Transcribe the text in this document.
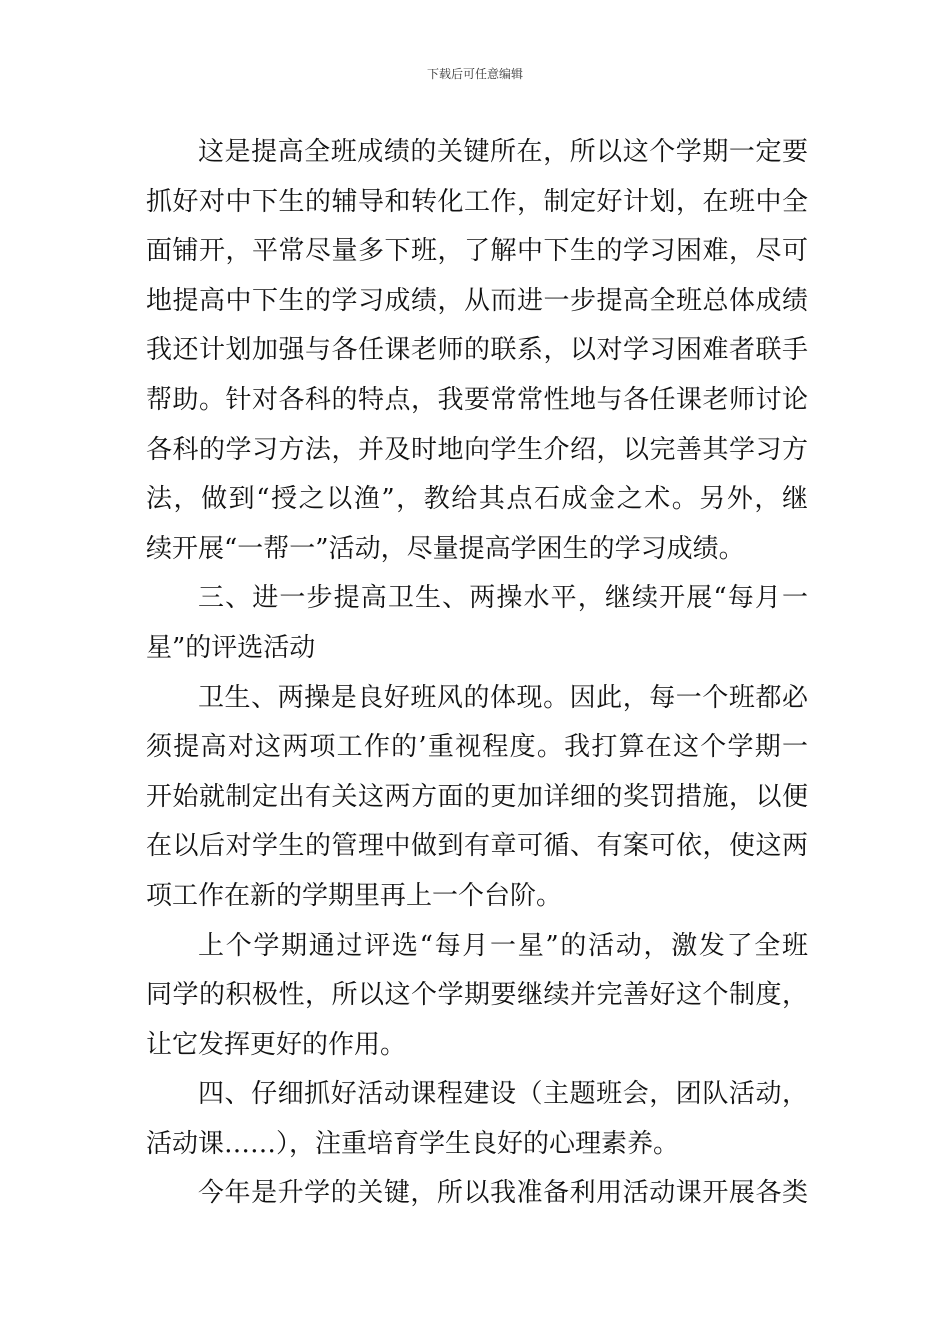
下载后可任意编辑
这是提高全班成绩的关键所在，所以这个学期一定要
抓好对中下生的辅导和转化工作，制定好计划，在班中全
面铺开，平常尽量多下班，了解中下生的学习困难，尽可
地提高中下生的学习成绩，从而进一步提高全班总体成绩
我还计划加强与各任课老师的联系，以对学习困难者联手
帮助。针对各科的特点，我要常常性地与各任课老师讨论
各科的学习方法，并及时地向学生介绍，以完善其学习方
法，做到“授之以渔”，教给其点石成金之术。另外，继
续开展“一帮一”活动，尽量提高学困生的学习成绩。
三、进一步提高卫生、两操水平，继续开展“每月一
星”的评选活动
卫生、两操是良好班风的体现。因此，每一个班都必
须提高对这两项工作的’重视程度。我打算在这个学期一
开始就制定出有关这两方面的更加详细的奖罚措施，以便
在以后对学生的管理中做到有章可循、有案可依，使这两
项工作在新的学期里再上一个台阶。
上个学期通过评选“每月一星”的活动，激发了全班
同学的积极性，所以这个学期要继续并完善好这个制度，
让它发挥更好的作用。
四、仔细抓好活动课程建设（主题班会，团队活动，
活动课……），注重培育学生良好的心理素养。
今年是升学的关键，所以我准备利用活动课开展各类
